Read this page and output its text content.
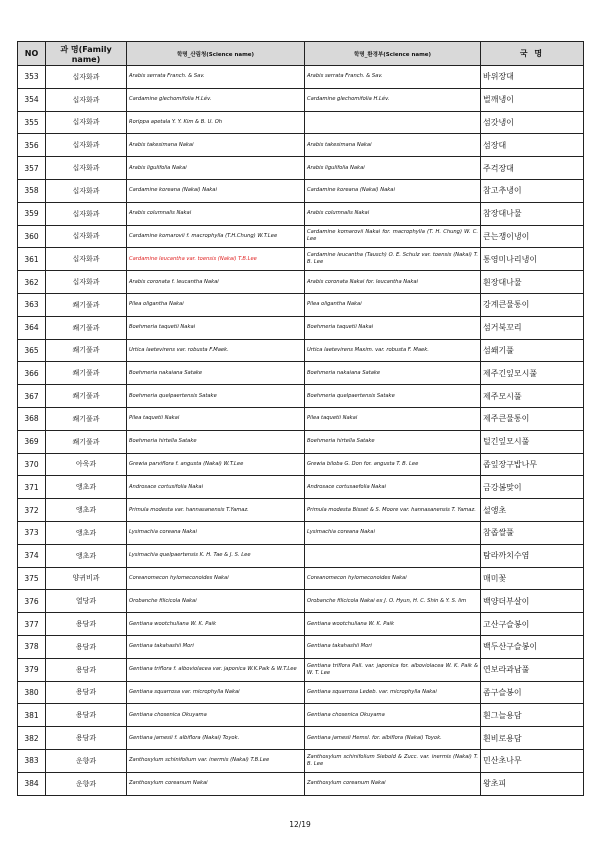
NO	과 명(Family name)	학명_산림청(Science name)	학명_환경부(Science name)	국 명
353	십자화과	Arabis serrata Franch. & Sav.	Arabis serrata Franch. & Sav.	바위장대
354	십자화과	Cardamine glechomifolia H.Lév.	Cardamine glechomifolia H.Lév.	벌깨냉이
355	십자화과	Rorippa apetala Y. Y. Kim & B. U. Oh		섬갓냉이
356	십자화과	Arabis takesimana Nakai	Arabis takesimana Nakai	섬장대
357	십자화과	Arabis ligulifolia Nakai	Arabis ligulifolia Nakai	주걱장대
358	십자화과	Cardamine koreana (Nakai) Nakai	Cardamine koreana (Nakai) Nakai	참고추냉이
359	십자화과	Arabis columnalis Nakai	Arabis columnalis Nakai	참장대나물
360	십자화과	Cardamine komarovii f. macrophylla (T.H.Chung) W.T.Lee	Cardamine komarovii Nakai for. macrophylla (T. H. Chung) W. C. Lee	큰는쟁이냉이
361	십자화과	Cardamine leucantha var. toensis (Nakai) T.B.Lee	Cardamine leucantha (Tausch) O. E. Schulz var. toensis (Nakai) T. B. Lee	통영미나리냉이
362	십자화과	Arabis coronata f. leucantha Nakai	Arabis coronata Nakai for. leucantha Nakai	흰장대나물
363	쐐기풀과	Pilea oligantha Nakai	Pilea oligantha Nakai	강계큰물통이
364	쐐기풀과	Boehmeria taquetii Nakai	Boehmeria taquetii Nakai	섬거북꼬리
365	쐐기풀과	Urtica laetevirens var. robusta F.Maek.	Urtica laetevirens Maxim. var. robusta F. Maek.	섬쐐기풀
366	쐐기풀과	Boehmeria nakaiana Satake	Boehmeria nakaiana Satake	제주긴잎모시풀
367	쐐기풀과	Boehmeria quelpaertensis Satake	Boehmeria quelpaertensis Satake	제주모시풀
368	쐐기풀과	Pilea taquetii Nakai	Pilea taquetii Nakai	제주큰물통이
369	쐐기풀과	Boehmeria hirtella Satake	Boehmeria hirtella Satake	털긴잎모시풀
370	아욱과	Grewia parviflora f. angusta (Nakai) W.T.Lee	Grewia biloba G. Don for. angusta T. B. Lee	좁잎장구밥나무
371	앵초과	Androsace cortusifolia Nakai	Androsace cortusaefolia Nakai	금강봄맞이
372	앵초과	Primula modesta var. hannasanensis T.Yamaz.	Primula modesta Bisset & S. Moore var. hannasanensis T. Yamaz.	설앵초
373	앵초과	Lysimachia coreana Nakai	Lysimachia coreana Nakai	참좁쌀풀
374	앵초과	Lysimachia quelpaertensis K. H. Tae & J. S. Lee		탐라까치수염
375	양귀비과	Coreanomecon hylomeconoides Nakai	Coreanomecon hylomeconoides Nakai	매미꽃
376	열당과	Orobanche filicicola Nakai	Orobanche filicicola Nakai ex J. O. Hyun, H. C. Shin & Y. S. lim	백양더부살이
377	용담과	Gentiana wootchuliana W. K. Paik	Gentiana wootchuliana W. K. Paik	고산구슬봉이
378	용담과	Gentiana takahashii Mori	Gentiana takahashii Mori	백두산구슬봉이
379	용담과	Gentiana triflora f. alboviolacea var. japonica W.K.Paik & W.T.Lee	Gentiana triflora Pall. var. japonica for. alboviolacea W. K. Paik & W. T. Lee	연보라과남풀
380	용담과	Gentiana squarrosa var. microphylla Nakai	Gentiana squarrosa Ledeb. var. microphylla Nakai	좀구슬봉이
381	용담과	Gentiana chosenica Okuyama	Gentiana chosenica Okuyama	흰그늘용담
382	용담과	Gentiana jamesii f. albiflora (Nakai) Toyok.	Gentiana jamesii Hemsl. for. albiflora (Nakai) Toyok.	흰비로용담
383	운향과	Zanthoxylum schinifolium var. inermis (Nakai) T.B.Lee	Zanthoxylum schinifolium Siebold & Zucc. var. inermis (Nakai) T. B. Lee	민산초나무
384	운향과	Zanthoxylum coreanum Nakai	Zanthoxylum coreanum Nakai	왕초피
12/19
